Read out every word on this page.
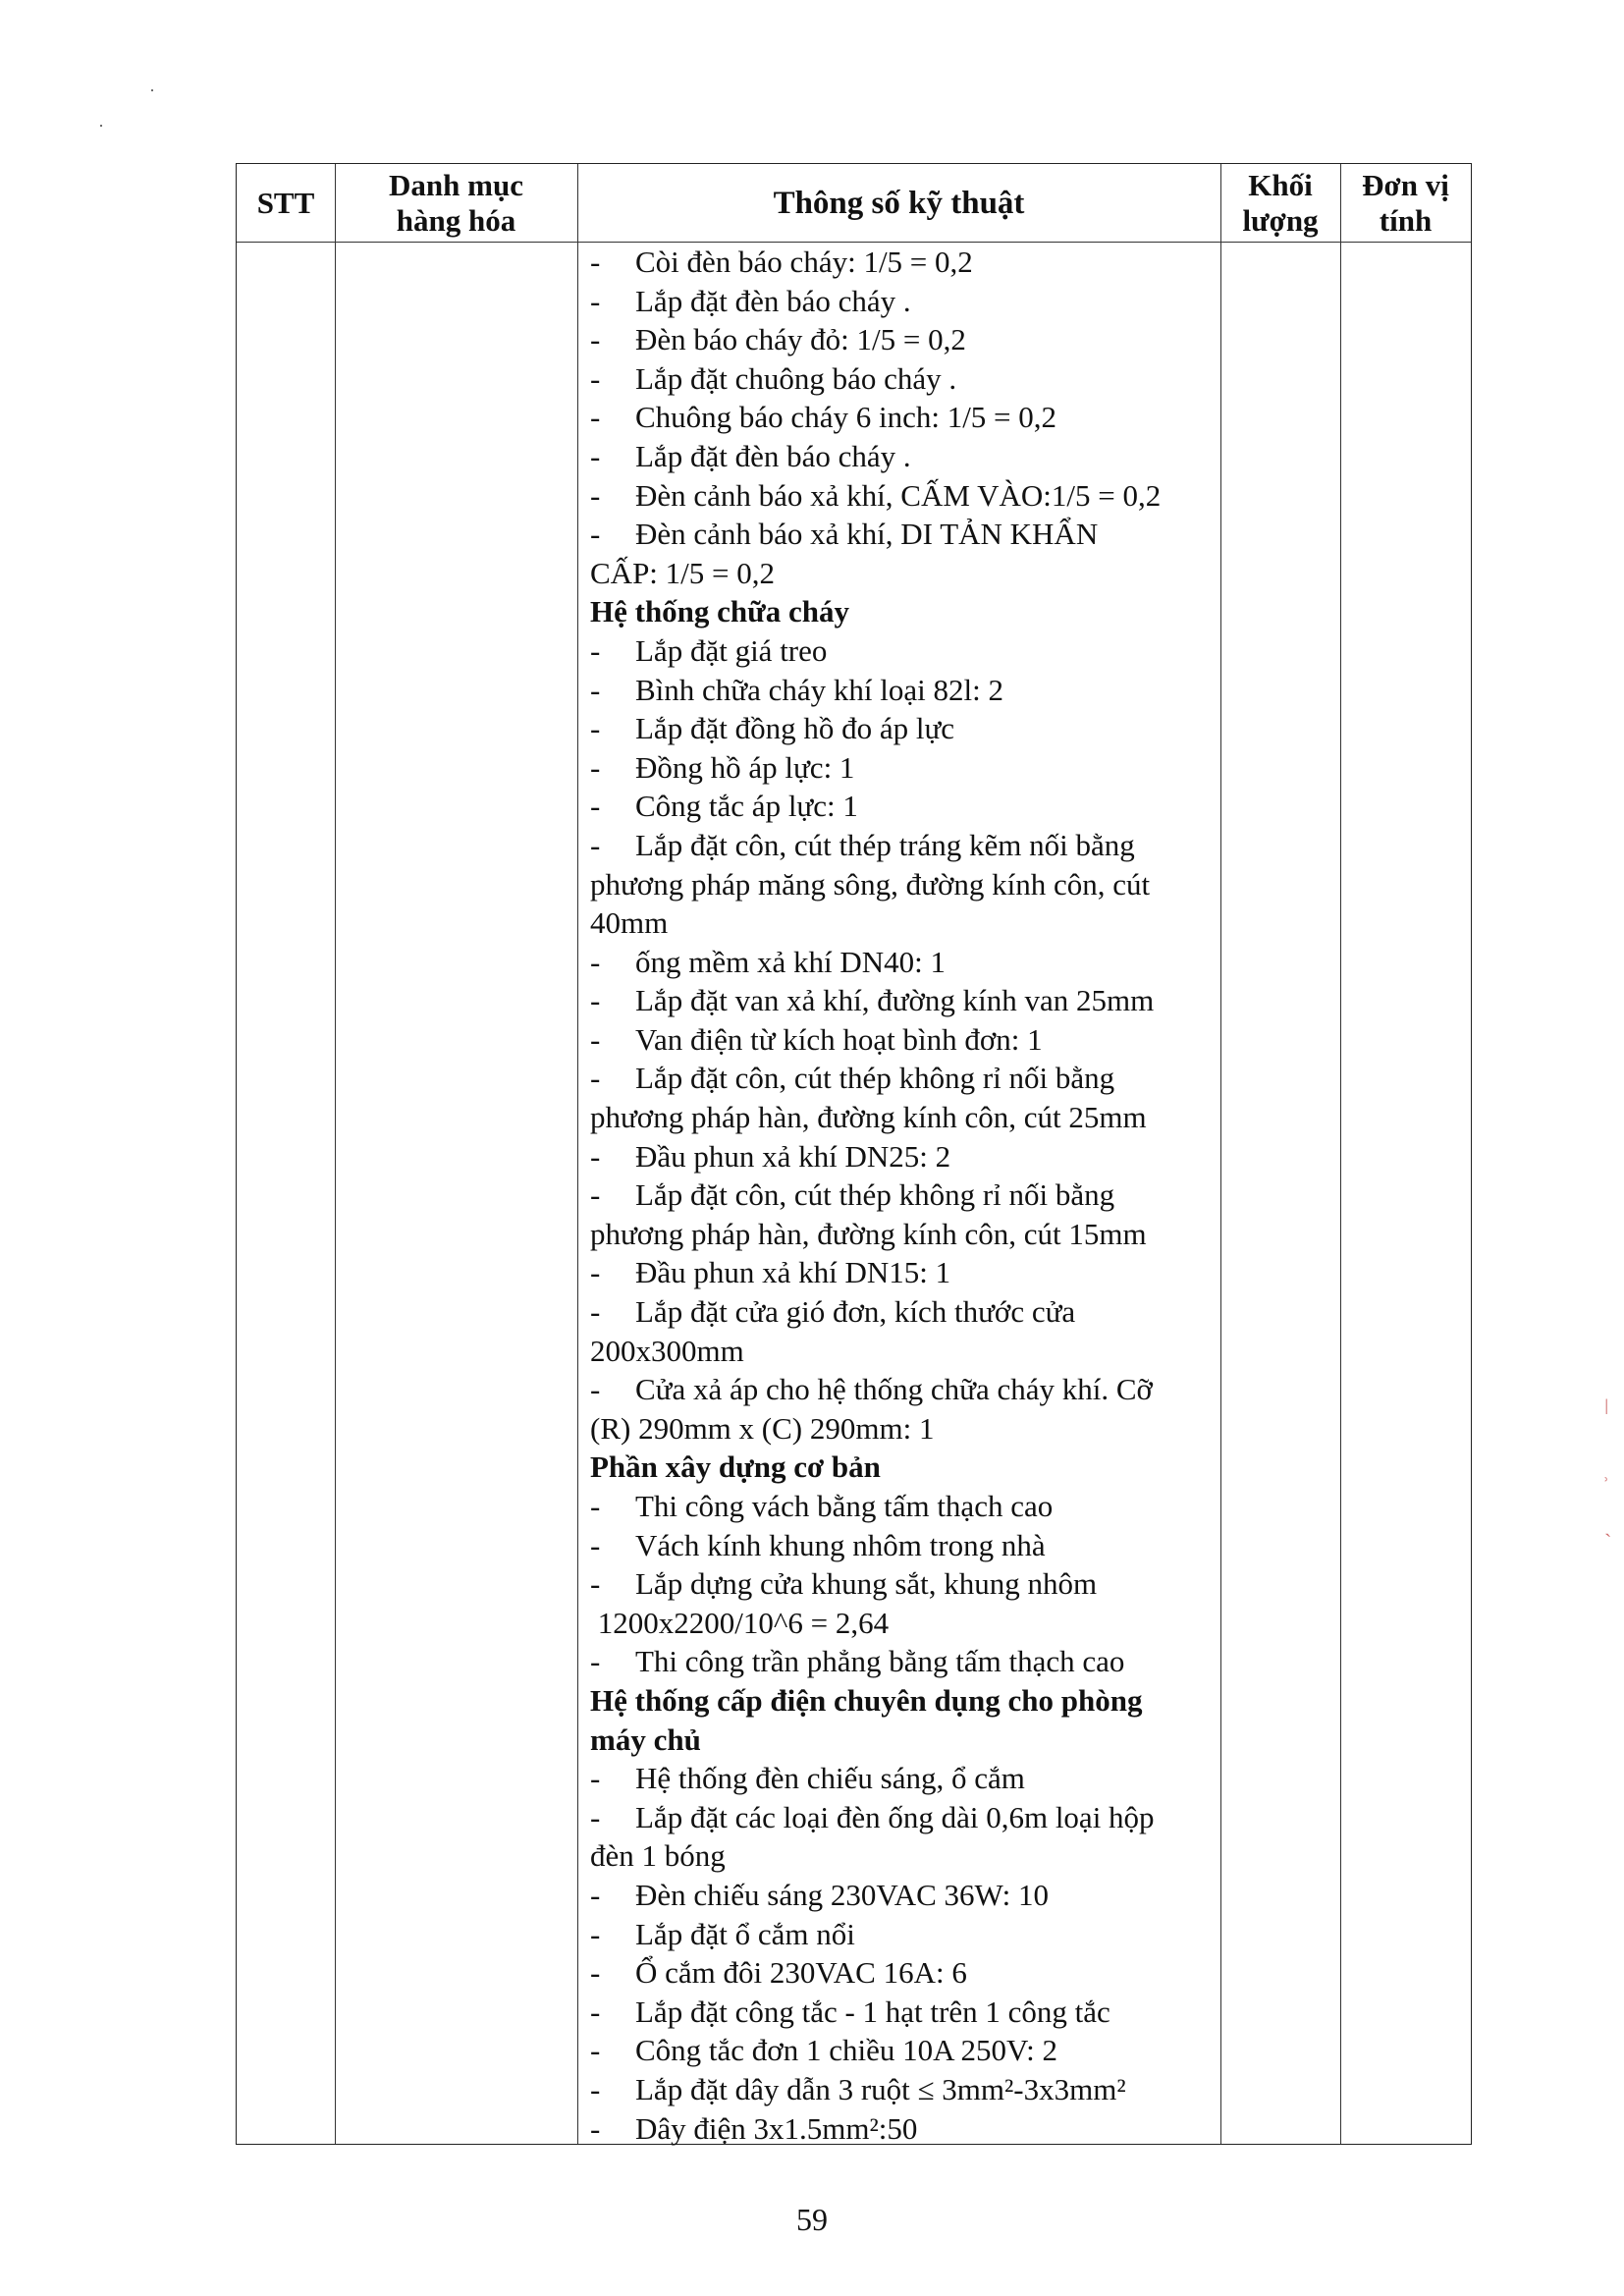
STT
Danh mục
hàng hóa	Thông số kỹ thuật
Khối
lượng
Đơn vị
tính
- Còi đèn báo cháy: 1/5 = 0,2
- Lắp đặt đèn báo cháy .
- Đèn báo cháy đỏ: 1/5 = 0,2
- Lắp đặt chuông báo cháy .
- Chuông báo cháy 6 inch: 1/5 = 0,2
- Lắp đặt đèn báo cháy .
- Đèn cảnh báo xả khí, CẤM VÀO:1/5 = 0,2
- Đèn cảnh báo xả khí, DI TẢN KHẨN
CẤP: 1/5 = 0,2
Hệ thống chữa cháy
- Lắp đặt giá treo
- Bình chữa cháy khí loại 82l: 2
- Lắp đặt đồng hồ đo áp lực
- Đồng hồ áp lực: 1
- Công tắc áp lực: 1
- Lắp đặt côn, cút thép tráng kẽm nối bằng
phương pháp măng sông, đường kính côn, cút
40mm
- ống mềm xả khí DN40: 1
- Lắp đặt van xả khí, đường kính van 25mm
- Van điện từ kích hoạt bình đơn: 1
- Lắp đặt côn, cút thép không rỉ nối bằng
phương pháp hàn, đường kính côn, cút 25mm
- Đầu phun xả khí DN25: 2
- Lắp đặt côn, cút thép không rỉ nối bằng
phương pháp hàn, đường kính côn, cút 15mm
- Đầu phun xả khí DN15: 1
- Lắp đặt cửa gió đơn, kích thước cửa
200x300mm
- Cửa xả áp cho hệ thống chữa cháy khí. Cỡ
(R) 290mm x (C) 290mm: 1
Phần xây dựng cơ bản
- Thi công vách bằng tấm thạch cao
- Vách kính khung nhôm trong nhà
- Lắp dựng cửa khung sắt, khung nhôm
1200x2200/10^6 = 2,64
- Thi công trần phẳng bằng tấm thạch cao
Hệ thống cấp điện chuyên dụng cho phòng
máy chủ
- Hệ thống đèn chiếu sáng, ổ cắm
- Lắp đặt các loại đèn ống dài 0,6m loại hộp
đèn 1 bóng
- Đèn chiếu sáng 230VAC 36W: 10
- Lắp đặt ổ cắm nổi
- Ổ cắm đôi 230VAC 16A: 6
- Lắp đặt công tắc - 1 hạt trên 1 công tắc
- Công tắc đơn 1 chiều 10A 250V: 2
- Lắp đặt dây dẫn 3 ruột ≤ 3mm²-3x3mm²
- Dây điện 3x1.5mm²:50
59
·
·
ǀ
ʾ
ˏ
